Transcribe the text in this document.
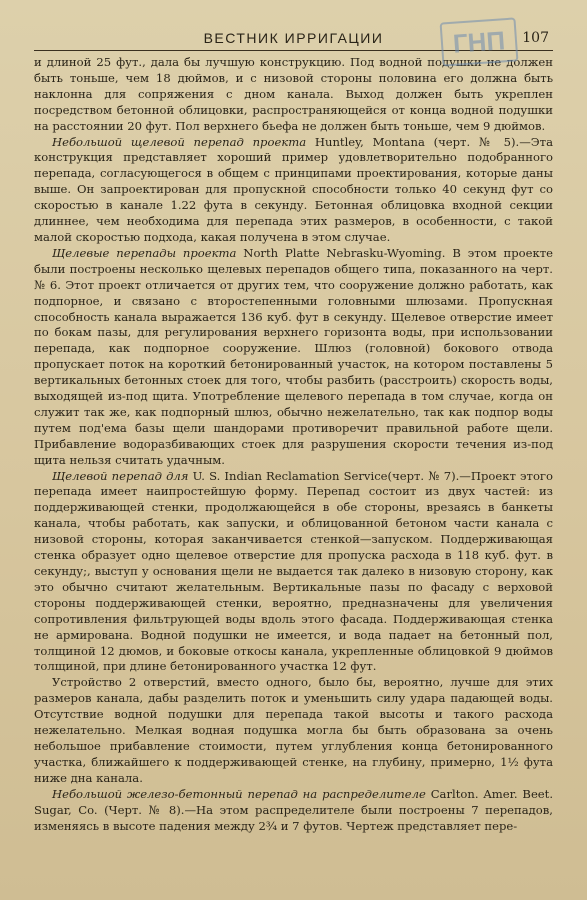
ВЕСТНИК ИРРИГАЦИИ	107
ГНП

и длиной 25 фут., дала бы лучшую конструкцию. Под водной подушки не должен быть тоньше, чем 18 дюймов, и с низовой стороны половина его должна быть наклонна для сопряжения с дном канала. Выход должен быть укреплен посредством бетонной облицовки, распространяющейся от конца водной подушки на расстоянии 20 фут. Пол верхнего бьефа не должен быть тоньше, чем 9 дюймов.

Небольшой щелевой перепад проекта Huntley, Montana (черт. № 5).—Эта конструкция представляет хороший пример удовлетворительно подобранного перепада, согласующегося в общем с принципами проектирования, которые даны выше. Он запроектирован для пропускной способности только 40 секунд фут со скоростью в канале 1.22 фута в секунду. Бетонная облицовка входной секции длиннее, чем необходима для перепада этих размеров, в особенности, с такой малой скоростью подхода, какая получена в этом случае.

Щелевые перепады проекта North Platte Nebrasku-Wyoming. В этом проекте были построены несколько щелевых перепадов общего типа, показанного на черт. № 6. Этот проект отличается от других тем, что сооружение должно работать, как подпорное, и связано с второстепенными головными шлюзами. Пропускная способность канала выражается 136 куб. фут в секунду. Щелевое отверстие имеет по бокам пазы, для регулирования верхнего горизонта воды, при использовании перепада, как подпорное сооружение. Шлюз (головной) бокового отвода пропускает поток на короткий бетонированный участок, на котором поставлены 5 вертикальных бетонных стоек для того, чтобы разбить (расстроить) скорость воды, выходящей из-под щита. Употребление щелевого перепада в том случае, когда он служит так же, как подпорный шлюз, обычно нежелательно, так как подпор воды путем под'ема базы щели шандорами противоречит правильной работе щели. Прибавление водоразбивающих стоек для разрушения скорости течения из-под щита нельзя считать удачным.

Щелевой перепад для U. S. Indian Reclamation Service(черт. № 7).—Проект этого перепада имеет наипростейшую форму. Перепад состоит из двух частей: из поддерживающей стенки, продолжающейся в обе стороны, врезаясь в банкеты канала, чтобы работать, как запуски, и облицованной бетоном части канала с низовой стороны, которая заканчивается стенкой—запуском. Поддерживающая стенка образует одно щелевое отверстие для пропуска расхода в 118 куб. фут. в секунду;, выступ у основания щели не выдается так далеко в низовую сторону, как это обычно считают желательным. Вертикальные пазы по фасаду с верховой стороны поддерживающей стенки, вероятно, предназначены для увеличения сопротивления фильтрующей воды вдоль этого фасада. Поддерживающая стенка не армирована. Водной подушки не имеется, и вода падает на бетонный пол, толщиной 12 дюмов, и боковые откосы канала, укрепленные облицовкой 9 дюймов толщиной, при длине бетонированного участка 12 фут.

Устройство 2 отверстий, вместо одного, было бы, вероятно, лучше для этих размеров канала, дабы разделить поток и уменьшить силу удара падающей воды. Отсутствие водной подушки для перепада такой высоты и такого расхода нежелательно. Мелкая водная подушка могла бы быть образована за очень небольшое прибавление стоимости, путем углубления конца бетонированного участка, ближайшего к поддерживающей стенке, на глубину, примерно, 1½ фута ниже дна канала.

Небольшой железо-бетонный перепад на распределителе Carlton. Amer. Beet. Sugar, Co. (Черт. № 8).—На этом распределителе были построены 7 перепадов, изменяясь в высоте падения между 2¾ и 7 футов. Чертеж представляет пере-
